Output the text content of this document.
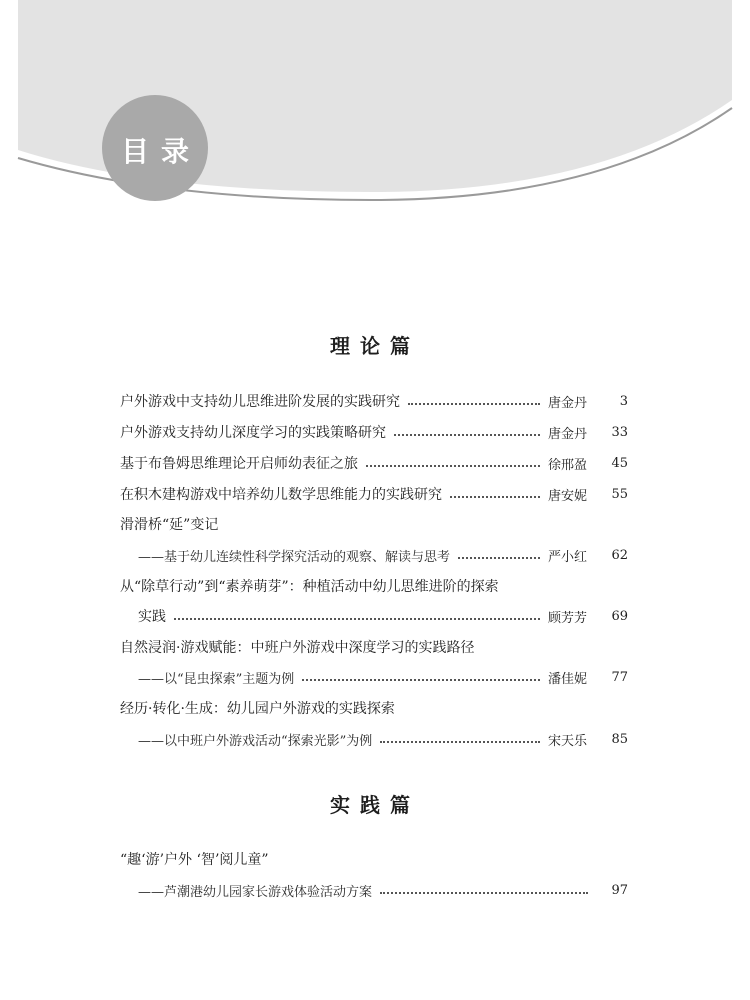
目录
理论篇
户外游戏中支持幼儿思维进阶发展的实践研究	唐金丹	3
户外游戏支持幼儿深度学习的实践策略研究	唐金丹	33
基于布鲁姆思维理论开启师幼表征之旅	徐邢盈	45
在积木建构游戏中培养幼儿数学思维能力的实践研究	唐安妮	55
滑滑桥“延”变记
——基于幼儿连续性科学探究活动的观察、解读与思考	严小红	62
从“除草行动”到“素养萌芽”：种植活动中幼儿思维进阶的探索
实践	顾芳芳	69
自然浸润·游戏赋能：中班户外游戏中深度学习的实践路径
——以“昆虫探索”主题为例	潘佳妮	77
经历·转化·生成：幼儿园户外游戏的实践探索
——以中班户外游戏活动“探索光影”为例	宋天乐	85
实践篇
“趣‘游’户外 ‘智’阅儿童”
——芦潮港幼儿园家长游戏体验活动方案	97
